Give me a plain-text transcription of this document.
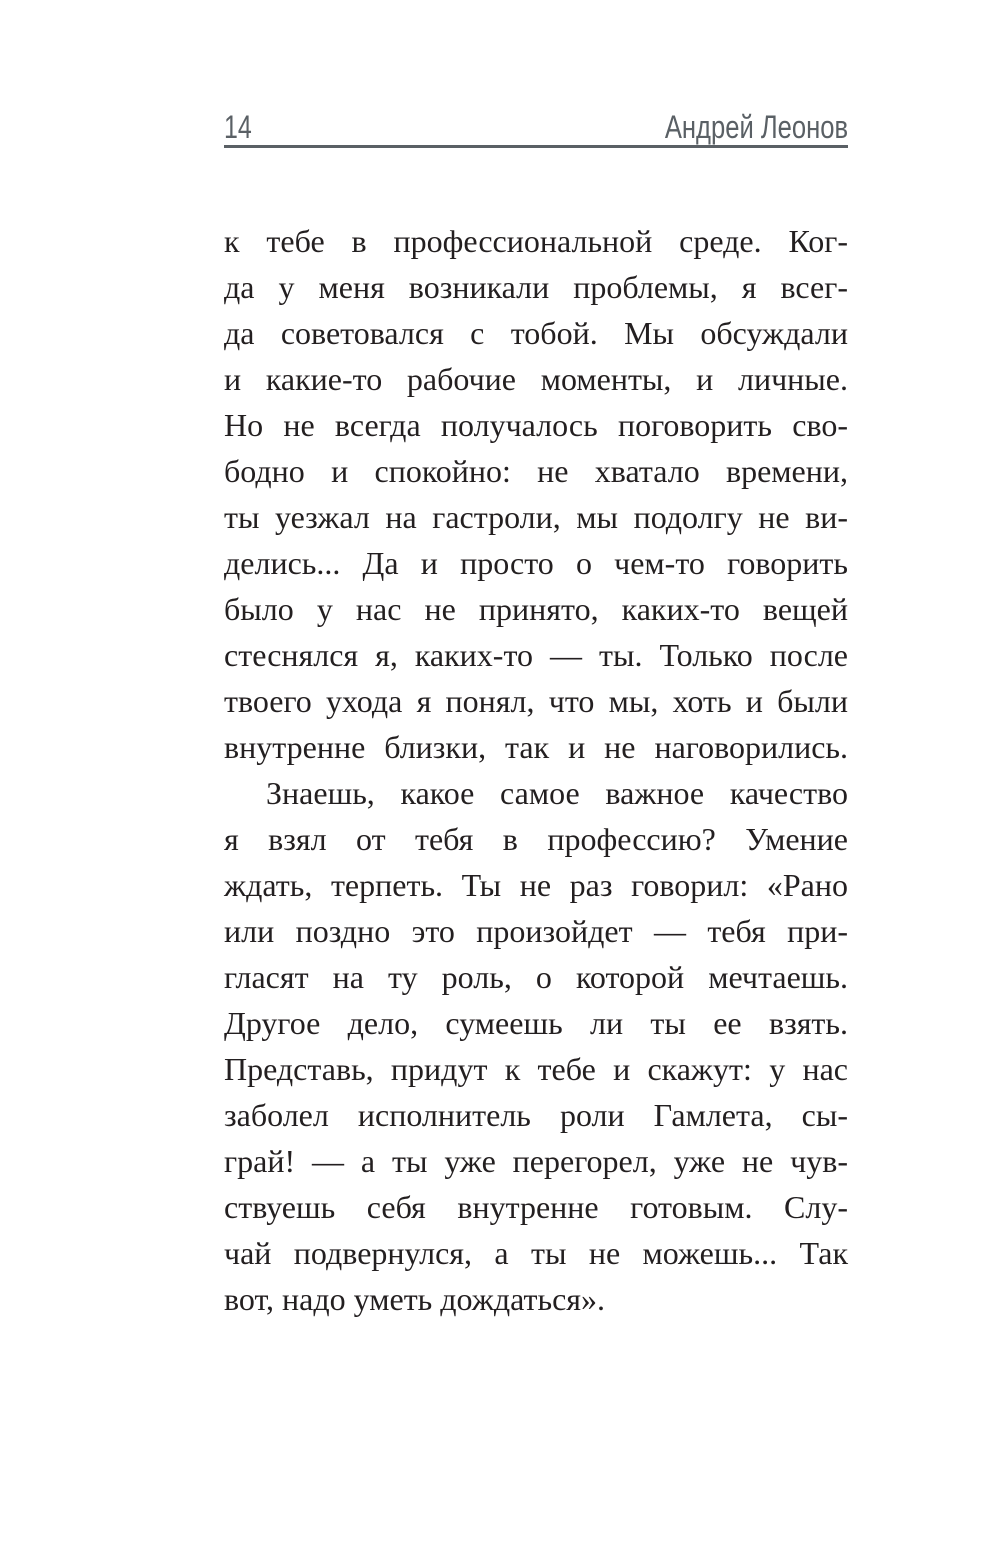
14	Андрей Леонов
к тебе в профессиональной среде. Ког-
да у меня возникали проблемы, я всег-
да советовался с тобой. Мы обсуждали
и какие-то рабочие моменты, и личные.
Но не всегда получалось поговорить сво-
бодно и спокойно: не хватало времени,
ты уезжал на гастроли, мы подолгу не ви-
делись... Да и просто о чем-то говорить
было у нас не принято, каких-то вещей
стеснялся я, каких-то — ты. Только после
твоего ухода я понял, что мы, хоть и были
внутренне близки, так и не наговорились.
Знаешь, какое самое важное качество
я взял от тебя в профессию? Умение
ждать, терпеть. Ты не раз говорил: «Рано
или поздно это произойдет — тебя при-
гласят на ту роль, о которой мечтаешь.
Другое дело, сумеешь ли ты ее взять.
Представь, придут к тебе и скажут: у нас
заболел исполнитель роли Гамлета, сы-
грай! — а ты уже перегорел, уже не чув-
ствуешь себя внутренне готовым. Слу-
чай подвернулся, а ты не можешь... Так
вот, надо уметь дождаться».
